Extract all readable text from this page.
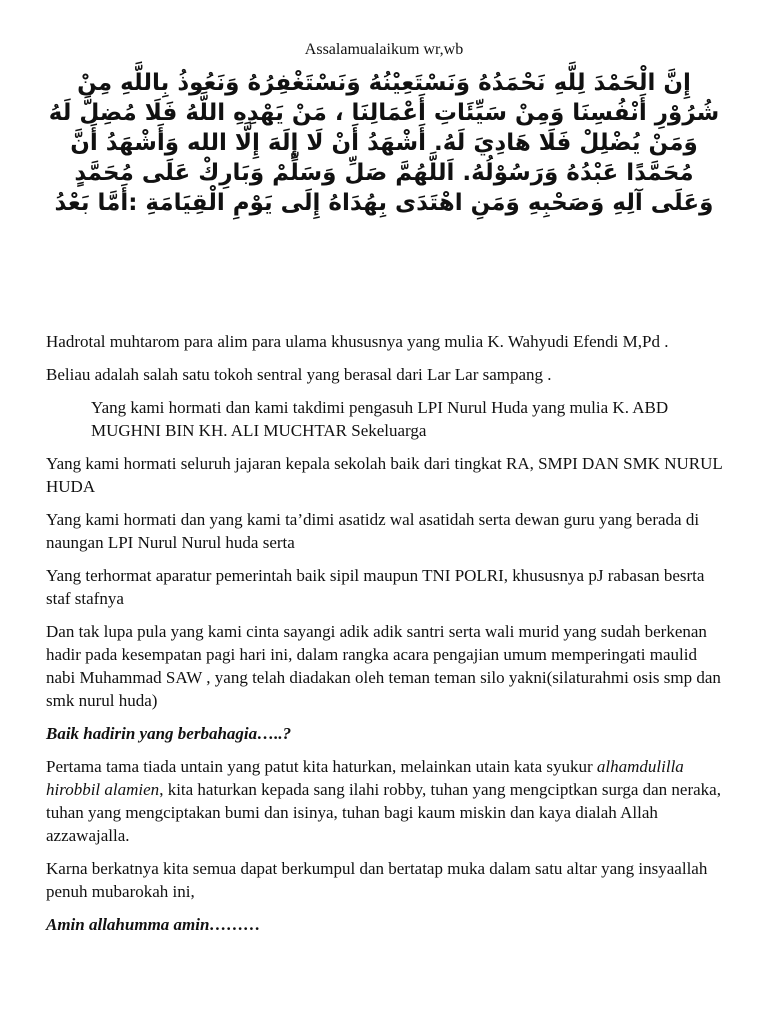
Assalamualaikum wr,wb
إِنَّ الْحَمْدَ لِلَّهِ نَحْمَدُهُ وَنَسْتَعِيْنُهُ وَنَسْتَغْفِرُهُ وَنَعُوذُ بِاللَّهِ مِنْ شُرُوْرِ أَنْفُسِنَا وَمِنْ سَيِّئَاتِ أَعْمَالِنَا ، مَنْ يَهْدِهِ اللَّهُ فَلَا مُضِلَّ لَهُ وَمَنْ يُضْلِلْ فَلَا هَادِيَ لَهُ. أَشْهَدُ أَنْ لَا إِلَهَ إِلَّا الله وَأَشْهَدُ أَنَّ مُحَمَّدًا عَبْدُهُ وَرَسُوْلُهُ. اَللَّهُمَّ صَلِّ وَسَلِّمْ وَبَارِكْ عَلَى مُحَمَّدٍ وَعَلَى آلِهِ وَصَحْبِهِ وَمَنِ اهْتَدَى بِهُدَاهُ إِلَى يَوْمِ الْقِيَامَةِ :أَمَّا بَعْدُ

Hadrotal muhtarom para alim para ulama khususnya yang mulia K. Wahyudi Efendi M,Pd .

Beliau adalah salah satu tokoh sentral yang berasal dari Lar Lar sampang .

Yang kami hormati dan kami takdimi pengasuh LPI Nurul Huda yang mulia K. ABD MUGHNI BIN KH. ALI MUCHTAR Sekeluarga

Yang kami hormati seluruh jajaran kepala sekolah baik dari tingkat RA, SMPI DAN SMK NURUL HUDA

Yang kami hormati dan yang kami ta’dimi asatidz wal asatidah serta dewan guru yang berada di naungan LPI Nurul Nurul huda serta

Yang terhormat aparatur pemerintah baik sipil maupun TNI POLRI, khususnya pJ rabasan besrta staf stafnya

Dan tak lupa pula yang kami cinta sayangi adik adik santri serta wali murid yang sudah berkenan hadir pada kesempatan pagi hari ini, dalam rangka acara pengajian umum memperingati maulid nabi Muhammad SAW , yang telah diadakan oleh teman teman silo yakni(silaturahmi osis smp dan smk nurul huda)

Baik hadirin yang berbahagia…..?

Pertama tama tiada untain yang patut kita haturkan, melainkan utain kata syukur alhamdulilla hirobbil alamien, kita haturkan kepada sang ilahi robby, tuhan yang mengciptkan surga dan neraka, tuhan yang mengciptakan bumi dan isinya, tuhan bagi kaum miskin dan kaya dialah Allah azzawajalla.

Karna berkatnya kita semua dapat berkumpul dan bertatap muka dalam satu altar yang insyaallah penuh mubarokah ini,

Amin allahumma amin………
